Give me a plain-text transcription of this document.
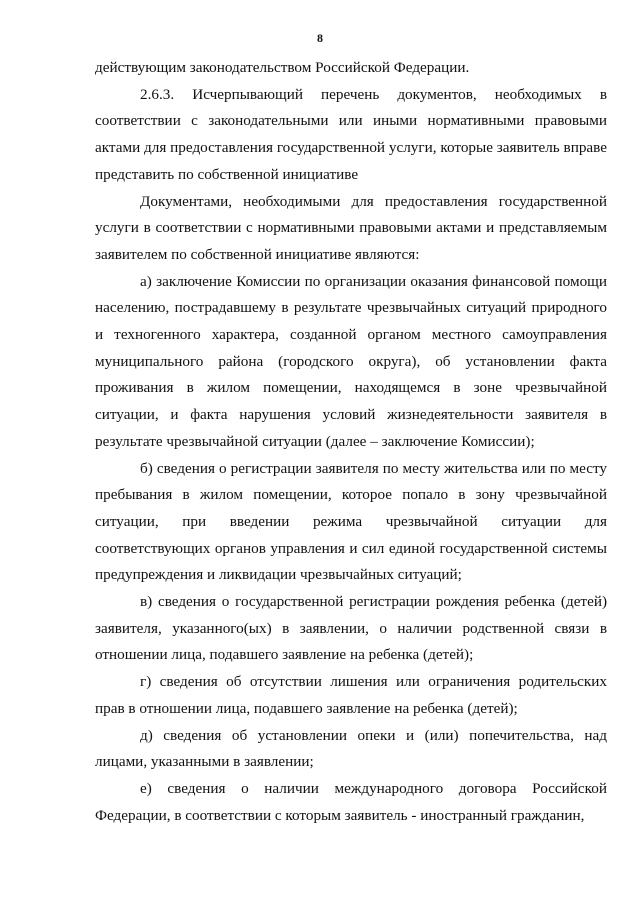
8

действующим законодательством Российской Федерации.

2.6.3. Исчерпывающий перечень документов, необходимых в соответствии с законодательными или иными нормативными правовыми актами для предоставления государственной услуги, которые заявитель вправе представить по собственной инициативе

Документами, необходимыми для предоставления государственной услуги в соответствии с нормативными правовыми актами и представляемым заявителем по собственной инициативе являются:

а) заключение Комиссии по организации оказания финансовой помощи населению, пострадавшему в результате чрезвычайных ситуаций природного и техногенного характера, созданной органом местного самоуправления муниципального района (городского округа), об установлении факта проживания в жилом помещении, находящемся в зоне чрезвычайной ситуации, и факта нарушения условий жизнедеятельности заявителя в результате чрезвычайной ситуации (далее – заключение Комиссии);

б) сведения о регистрации заявителя по месту жительства или по месту пребывания в жилом помещении, которое попало в зону чрезвычайной ситуации, при введении режима чрезвычайной ситуации для соответствующих органов управления и сил единой государственной системы предупреждения и ликвидации чрезвычайных ситуаций;

в) сведения о государственной регистрации рождения ребенка (детей) заявителя, указанного(ых) в заявлении, о наличии родственной связи в отношении лица, подавшего заявление на ребенка (детей);

г) сведения об отсутствии лишения или ограничения родительских прав в отношении лица, подавшего заявление на ребенка (детей);

д) сведения об установлении опеки и (или) попечительства, над лицами, указанными в заявлении;

е) сведения о наличии международного договора Российской Федерации, в соответствии с которым заявитель - иностранный гражданин,
